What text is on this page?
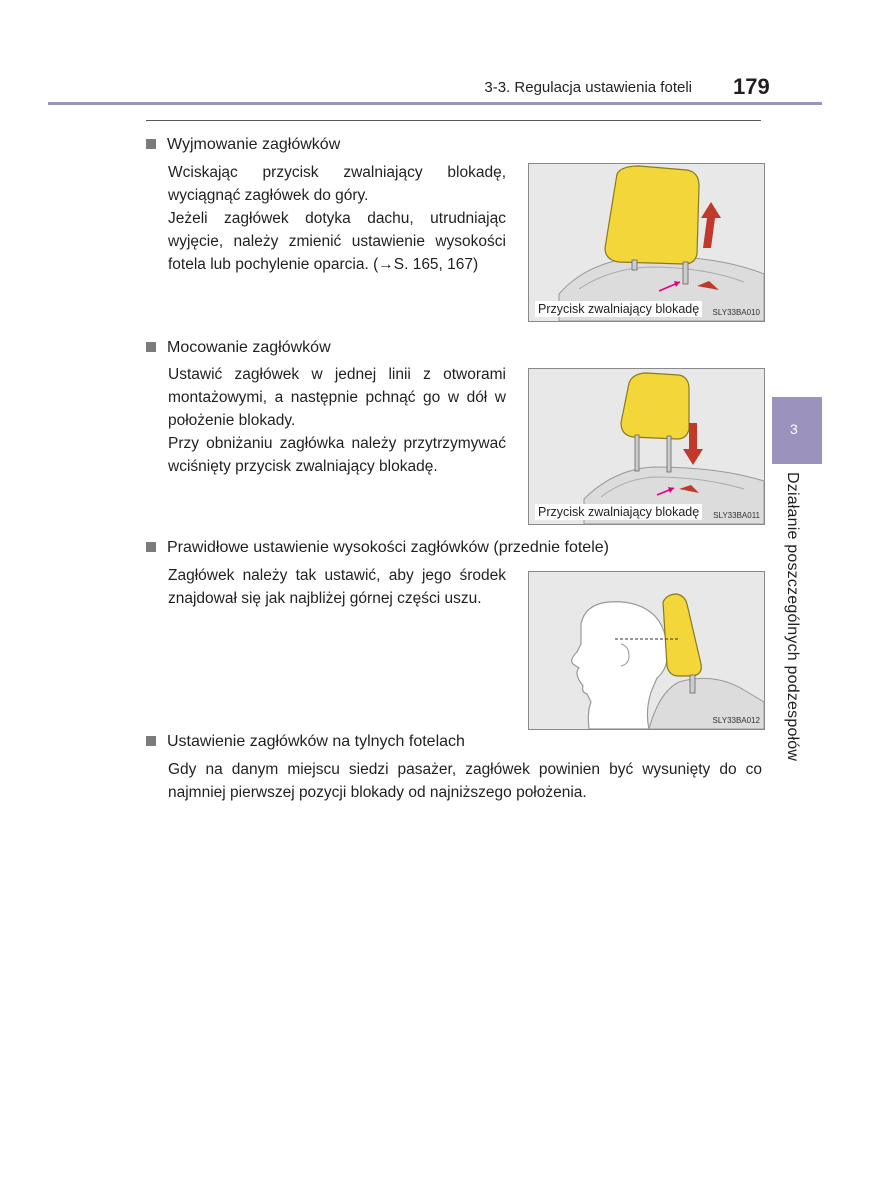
3-3. Regulacja ustawienia foteli 179
3
Działanie poszczególnych podzespołów
Wyjmowanie zagłówków

Wciskając przycisk zwalniający blokadę, wyciągnąć zagłówek do góry.

Jeżeli zagłówek dotyka dachu, utrudniając wyjęcie, należy zmienić ustawienie wysokości fotela lub pochylenie oparcia. (→S. 165, 167)

Przycisk zwalniający blokadę	SLY33BA010
Mocowanie zagłówków

Ustawić zagłówek w jednej linii z otworami montażowymi, a następnie pchnąć go w dół w położenie blokady.

Przy obniżaniu zagłówka należy przytrzymywać wciśnięty przycisk zwalniający blokadę.

Przycisk zwalniający blokadę	SLY33BA011
Prawidłowe ustawienie wysokości zagłówków (przednie fotele)

Zagłówek należy tak ustawić, aby jego środek znajdował się jak najbliżej górnej części uszu.

SLY33BA012
Ustawienie zagłówków na tylnych fotelach

Gdy na danym miejscu siedzi pasażer, zagłówek powinien być wysunięty do co najmniej pierwszej pozycji blokady od najniższego położenia.
